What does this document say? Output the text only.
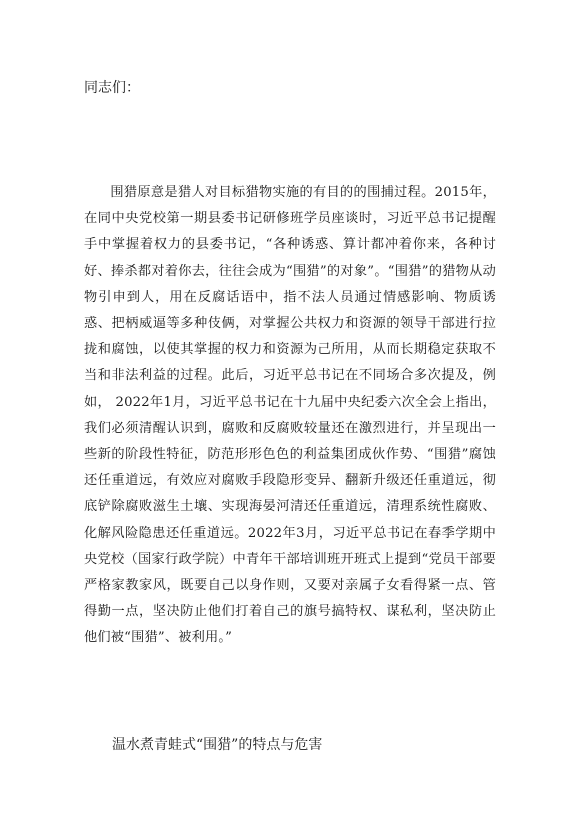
同志们：

围猎原意是猎人对目标猎物实施的有目的的围捕过程。2015年，在同中央党校第一期县委书记研修班学员座谈时，习近平总书记提醒手中掌握着权力的县委书记，“各种诱惑、算计都冲着你来，各种讨好、捧杀都对着你去，往往会成为“围猎”的对象”。“围猎”的猎物从动物引申到人，用在反腐话语中，指不法人员通过情感影响、物质诱惑、把柄威逼等多种伎俩，对掌握公共权力和资源的领导干部进行拉拢和腐蚀，以使其掌握的权力和资源为己所用，从而长期稳定获取不当和非法利益的过程。此后，习近平总书记在不同场合多次提及，例如， 2022年1月，习近平总书记在十九届中央纪委六次全会上指出，我们必须清醒认识到，腐败和反腐败较量还在激烈进行，并呈现出一些新的阶段性特征，防范形形色色的利益集团成伙作势、“围猎”腐蚀还任重道远，有效应对腐败手段隐形变异、翻新升级还任重道远，彻底铲除腐败滋生土壤、实现海晏河清还任重道远，清理系统性腐败、化解风险隐患还任重道远。2022年3月，习近平总书记在春季学期中央党校（国家行政学院）中青年干部培训班开班式上提到“党员干部要严格家教家风，既要自己以身作则，又要对亲属子女看得紧一点、管得勤一点，坚决防止他们打着自己的旗号搞特权、谋私利，坚决防止他们被“围猎”、被利用。”

温水煮青蛙式“围猎”的特点与危害
